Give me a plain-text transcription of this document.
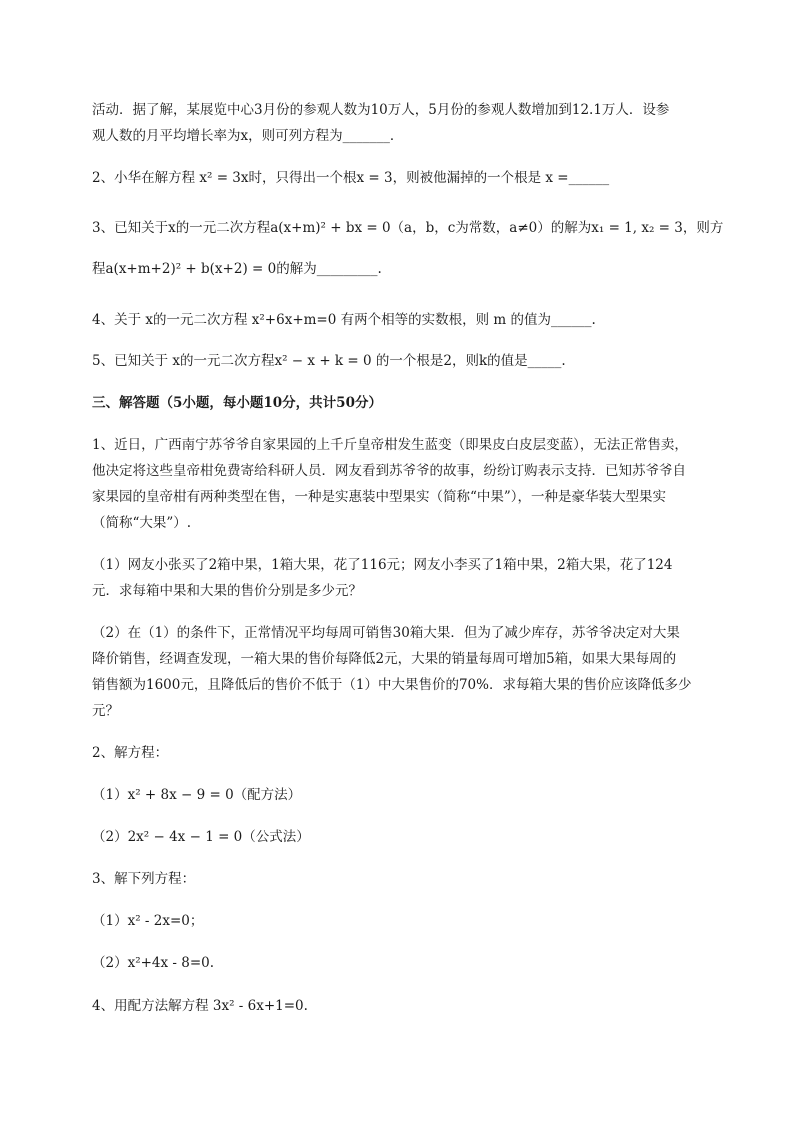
活动．据了解，某展览中心3月份的参观人数为10万人，5月份的参观人数增加到12.1万人．设参
观人数的月平均增长率为x，则可列方程为_______．
2、小华在解方程 x² = 3x时，只得出一个根x = 3，则被他漏掉的一个根是 x =______
3、已知关于x的一元二次方程a(x+m)² + bx = 0（a，b，c为常数，a≠0）的解为x₁ = 1, x₂ = 3，则方
程a(x+m+2)² + b(x+2) = 0的解为_________.
4、关于 x的一元二次方程 x²+6x+m=0 有两个相等的实数根，则 m 的值为______.
5、已知关于 x的一元二次方程x² − x + k = 0 的一个根是2，则k的值是_____.
三、解答题（5小题，每小题10分，共计50分）
1、近日，广西南宁苏爷爷自家果园的上千斤皇帝柑发生蓝变（即果皮白皮层变蓝），无法正常售卖，
他决定将这些皇帝柑免费寄给科研人员．网友看到苏爷爷的故事，纷纷订购表示支持．已知苏爷爷自
家果园的皇帝柑有两种类型在售，一种是实惠装中型果实（简称“中果”），一种是豪华装大型果实
（简称“大果”）.
（1）网友小张买了2箱中果，1箱大果，花了116元；网友小李买了1箱中果，2箱大果，花了124
元．求每箱中果和大果的售价分别是多少元？
（2）在（1）的条件下，正常情况平均每周可销售30箱大果．但为了减少库存，苏爷爷决定对大果
降价销售，经调查发现，一箱大果的售价每降低2元，大果的销量每周可增加5箱，如果大果每周的
销售额为1600元，且降低后的售价不低于（1）中大果售价的70%．求每箱大果的售价应该降低多少
元？
2、解方程：
（1）x² + 8x − 9 = 0（配方法）
（2）2x² − 4x − 1 = 0（公式法）
3、解下列方程：
（1）x² - 2x=0；
（2）x²+4x - 8=0.
4、用配方法解方程 3x² - 6x+1=0.
